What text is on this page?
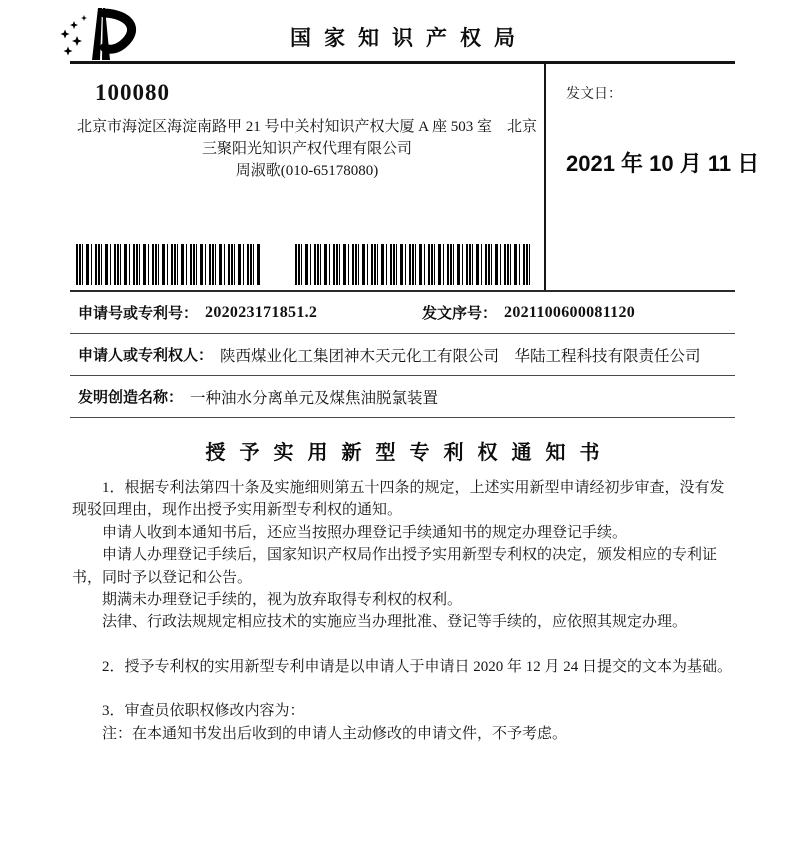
国家知识产权局
100080
北京市海淀区海淀南路甲 21 号中关村知识产权大厦 A 座 503 室　北京
三聚阳光知识产权代理有限公司
周淑歌(010-65178080)
发文日：
2021 年 10 月 11 日
申请号或专利号： 202023171851.2	发文序号： 2021100600081120
申请人或专利权人： 陕西煤业化工集团神木天元化工有限公司　华陆工程科技有限责任公司
发明创造名称： 一种油水分离单元及煤焦油脱氯装置
授予实用新型专利权通知书

1．根据专利法第四十条及实施细则第五十四条的规定，上述实用新型申请经初步审查，没有发现驳回理由，现作出授予实用新型专利权的通知。

申请人收到本通知书后，还应当按照办理登记手续通知书的规定办理登记手续。

申请人办理登记手续后，国家知识产权局作出授予实用新型专利权的决定，颁发相应的专利证书，同时予以登记和公告。

期满未办理登记手续的，视为放弃取得专利权的权利。

法律、行政法规规定相应技术的实施应当办理批准、登记等手续的，应依照其规定办理。

2．授予专利权的实用新型专利申请是以申请人于申请日 2020 年 12 月 24 日提交的文本为基础。

3．审查员依职权修改内容为：

注：在本通知书发出后收到的申请人主动修改的申请文件，不予考虑。
